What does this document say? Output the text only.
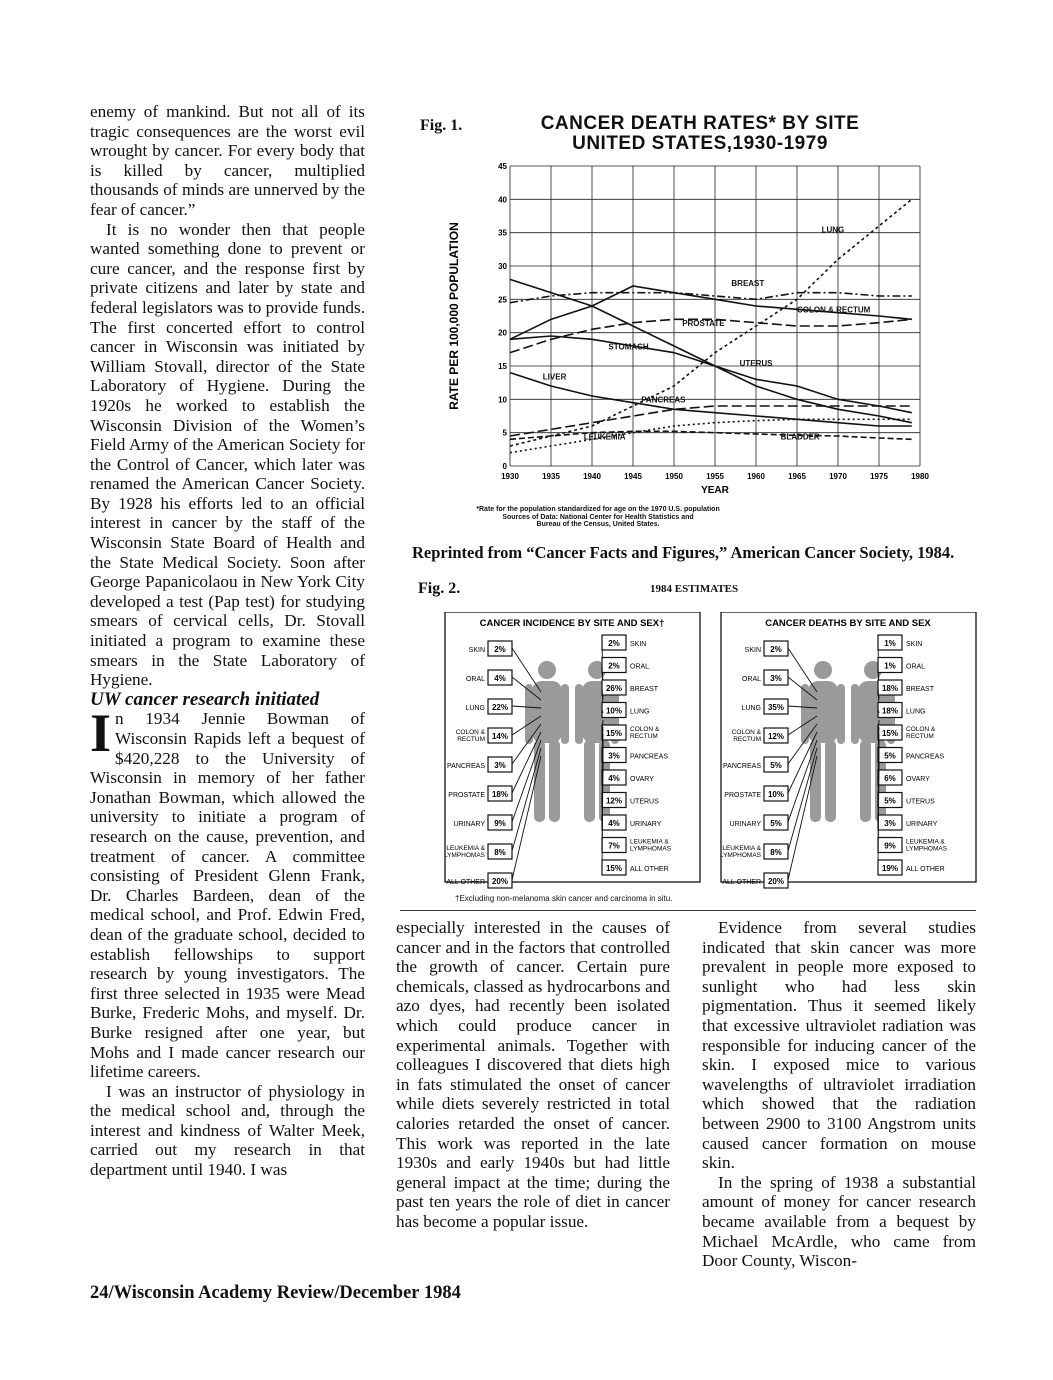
enemy of mankind. But not all of its tragic consequences are the worst evil wrought by cancer. For every body that is killed by cancer, multiplied thousands of minds are unnerved by the fear of cancer.”

It is no wonder then that people wanted something done to prevent or cure cancer, and the response first by private citizens and later by state and federal legislators was to provide funds. The first concerted effort to control cancer in Wisconsin was initiated by William Stovall, director of the State Laboratory of Hygiene. During the 1920s he worked to establish the Wisconsin Division of the Women’s Field Army of the American Society for the Control of Cancer, which later was renamed the American Cancer Society. By 1928 his efforts led to an official interest in cancer by the staff of the Wisconsin State Board of Health and the State Medical Society. Soon after George Papanicolaou in New York City developed a test (Pap test) for studying smears of cervical cells, Dr. Stovall initiated a program to examine these smears in the State Laboratory of Hygiene.

UW cancer research initiated

In 1934 Jennie Bowman of Wisconsin Rapids left a bequest of $420,228 to the University of Wisconsin in memory of her father Jonathan Bowman, which allowed the university to initiate a program of research on the cause, prevention, and treatment of cancer. A committee consisting of President Glenn Frank, Dr. Charles Bardeen, dean of the medical school, and Prof. Edwin Fred, dean of the graduate school, decided to establish fellowships to support research by young investigators. The first three selected in 1935 were Mead Burke, Frederic Mohs, and myself. Dr. Burke resigned after one year, but Mohs and I made cancer research our lifetime careers.

I was an instructor of physiology in the medical school and, through the interest and kindness of Walter Meek, carried out my research in that department until 1940. I was

Fig. 1.	CANCER DEATH RATES* BY SITE
UNITED STATES,1930-1979
1930	1935	1940	1945	1950	1955	1960	1965	1970	1975	1980
0
5
10
15
20
25
30
35
40
45
YEAR
RATE PER 100,000 POPULATION	LUNG
BREAST
COLON & RECTUM
PROSTATE
STOMACH
UTERUS
LIVER
PANCREAS
LEUKEMIA	BLADDER
*Rate for the population standardized for age on the 1970 U.S. population
Sources of Data: National Center for Health Statistics and
Bureau of the Census, United States.
Reprinted from “Cancer Facts and Figures,” American Cancer Society, 1984.
Fig. 2.	1984 ESTIMATES
CANCER INCIDENCE BY SITE AND SEX†
SKIN 2%
ORAL 4%
LUNG 22%
COLON &
RECTUM 14%
PANCREAS 3%
PROSTATE 18%
URINARY 9%
LEUKEMIA &
LYMPHOMAS 8%
ALL OTHER 20%
2% SKIN
2% ORAL
26% BREAST
10% LUNG
15% COLON &
RECTUM
3% PANCREAS
4% OVARY
12% UTERUS
4% URINARY
7% LEUKEMIA &
LYMPHOMAS
15% ALL OTHER
CANCER DEATHS BY SITE AND SEX
SKIN 2%
ORAL 3%
LUNG 35%
COLON &
RECTUM 12%
PANCREAS 5%
PROSTATE 10%
URINARY 5%
LEUKEMIA &
LYMPHOMAS 8%
ALL OTHER 20%
1% SKIN
1% ORAL
18% BREAST
18% LUNG
15% COLON &
RECTUM
5% PANCREAS
6% OVARY
5% UTERUS
3% URINARY
9% LEUKEMIA &
LYMPHOMAS
19% ALL OTHER
†Excluding non-melanoma skin cancer and carcinoma in situ.

especially interested in the causes of cancer and in the factors that controlled the growth of cancer. Certain pure chemicals, classed as hydrocarbons and azo dyes, had recently been isolated which could produce cancer in experimental animals. Together with colleagues I discovered that diets high in fats stimulated the onset of cancer while diets severely restricted in total calories retarded the onset of cancer. This work was reported in the late 1930s and early 1940s but had little general impact at the time; during the past ten years the role of diet in cancer has become a popular issue.

Evidence from several studies indicated that skin cancer was more prevalent in people more exposed to sunlight who had less skin pigmentation. Thus it seemed likely that excessive ultraviolet radiation was responsible for inducing cancer of the skin. I exposed mice to various wavelengths of ultraviolet irradiation which showed that the radiation between 2900 to 3100 Angstrom units caused cancer formation on mouse skin.

In the spring of 1938 a substantial amount of money for cancer research became available from a bequest by Michael McArdle, who came from Door County, Wiscon-

24/Wisconsin Academy Review/December 1984
